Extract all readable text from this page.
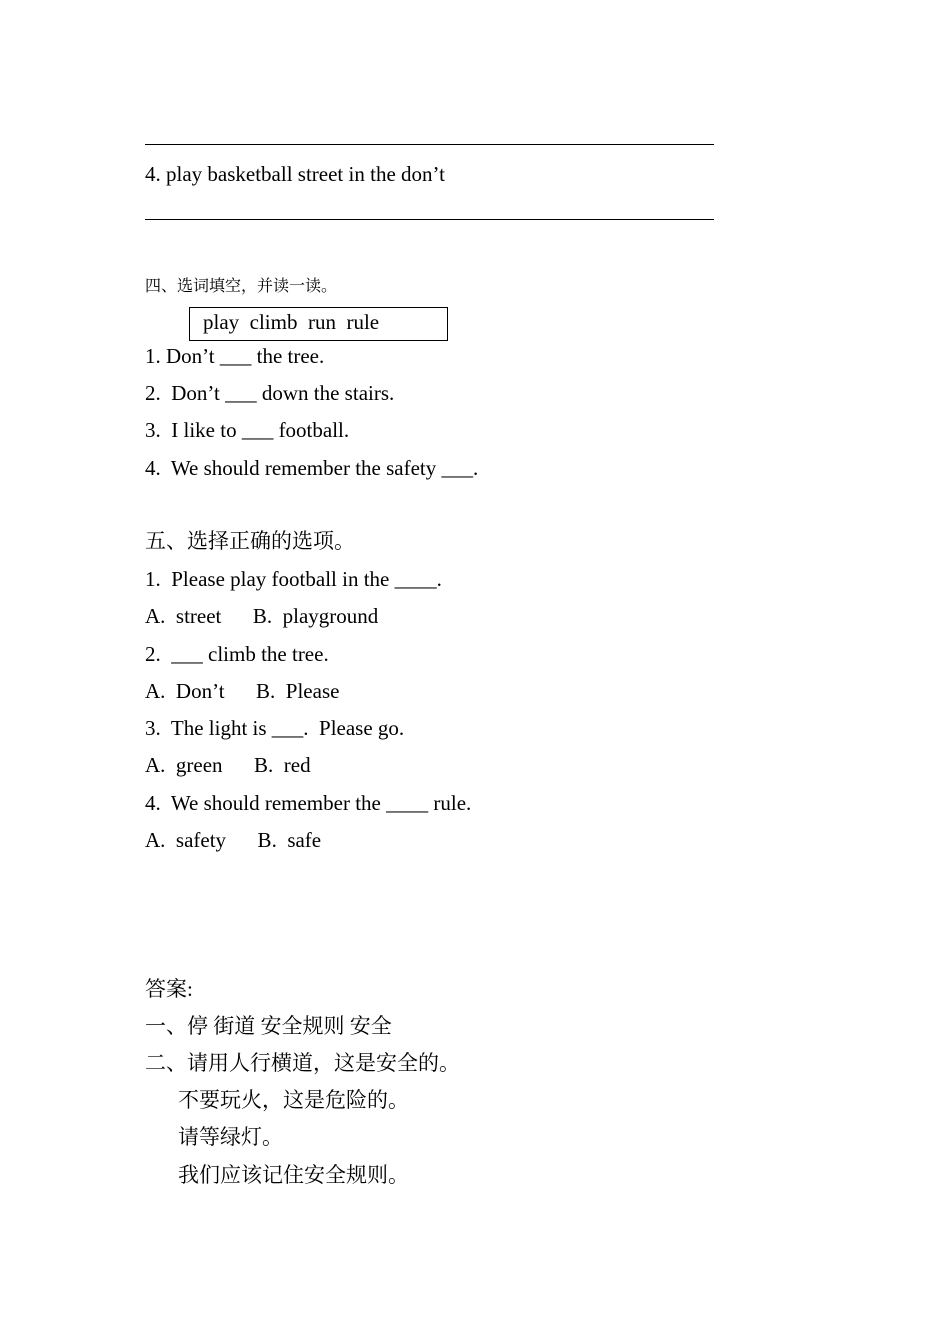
4. play basketball street in the don’t
四、选词填空，并读一读。
play  climb  run  rule
1. Don’t ___ the tree.
2.  Don’t ___ down the stairs.
3.  I like to ___ football.
4.  We should remember the safety ___.
五、选择正确的选项。
1.  Please play football in the ____.
A.  street      B.  playground
2.  ___ climb the tree.
A.  Don’t      B.  Please
3.  The light is ___.  Please go.
A.  green      B.  red
4.  We should remember the ____ rule.
A.  safety      B.  safe
答案:
一、停 街道 安全规则 安全
二、请用人行横道，这是安全的。
不要玩火，这是危险的。
请等绿灯。
我们应该记住安全规则。
